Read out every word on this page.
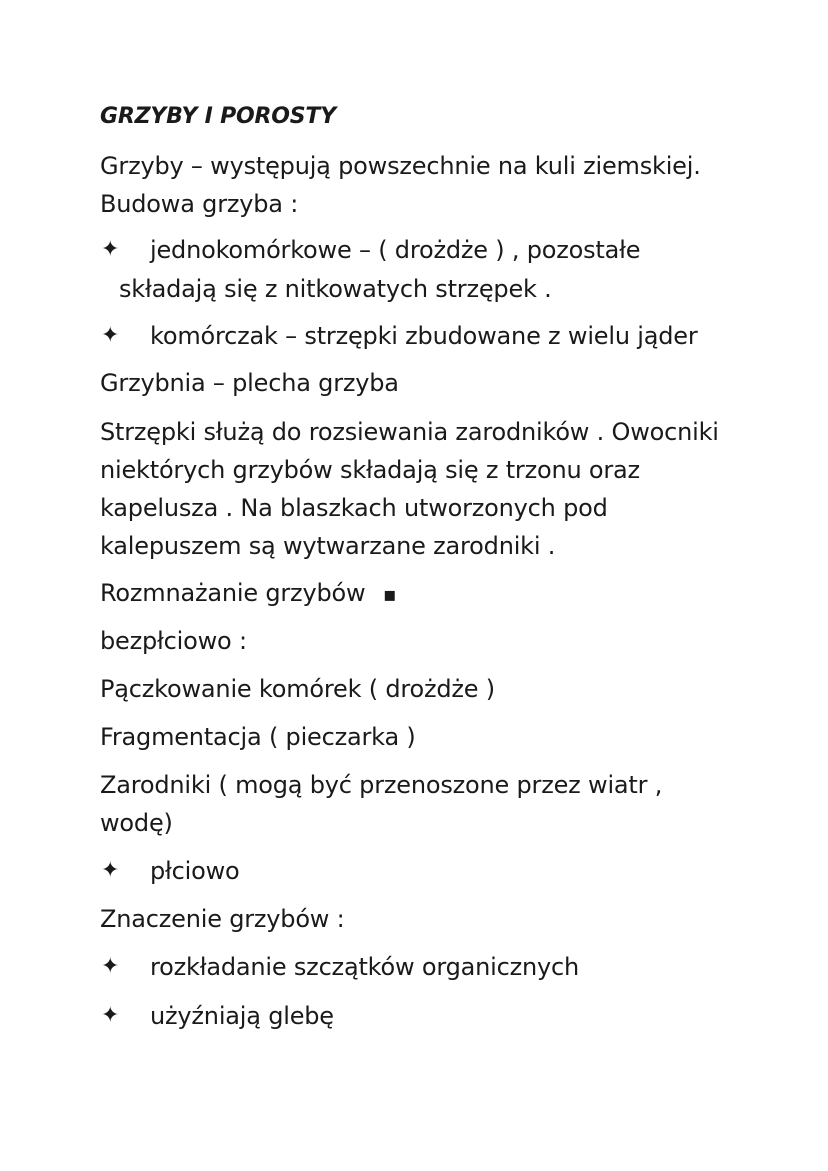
GRZYBY I POROSTY
Grzyby – występują powszechnie na kuli ziemskiej.
Budowa grzyba :
✦ jednokomórkowe – ( drożdże ) , pozostałe
składają się z nitkowatych strzępek .
✦ komórczak – strzępki zbudowane z wielu jąder
Grzybnia – plecha grzyba
Strzępki służą do rozsiewania zarodników . Owocniki
niektórych grzybów składają się z trzonu oraz
kapelusza . Na blaszkach utworzonych pod
kalepuszem są wytwarzane zarodniki .
Rozmnażanie grzybów ▪
bezpłciowo :
Pączkowanie komórek ( drożdże )
Fragmentacja ( pieczarka )
Zarodniki ( mogą być przenoszone przez wiatr ,
wodę)
✦ płciowo
Znaczenie grzybów :
✦ rozkładanie szczątków organicznych
✦ użyźniają glebę
